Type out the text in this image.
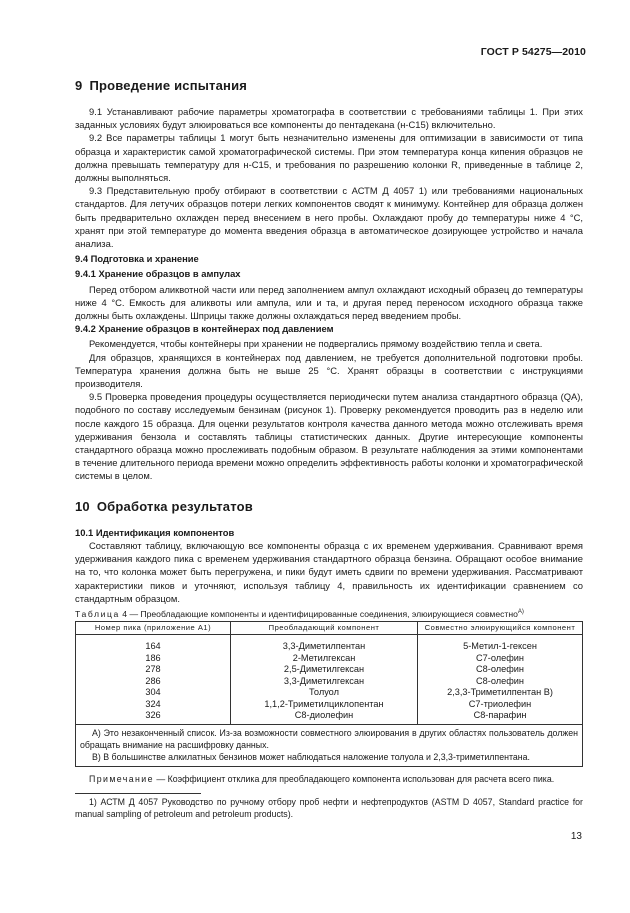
ГОСТ Р 54275—2010
9 Проведение испытания

9.1 Устанавливают рабочие параметры хроматографа в соответствии с требованиями таблицы 1. При этих заданных условиях будут элюироваться все компоненты до пентадекана (н-С15) включительно.

9.2 Все параметры таблицы 1 могут быть незначительно изменены для оптимизации в зависимости от типа образца и характеристик самой хроматографической системы. При этом температура конца кипения образцов не должна превышать температуру для н-С15, и требования по разрешению колонки R, приведенные в таблице 2, должны выполняться.

9.3 Представительную пробу отбирают в соответствии с АСТМ Д 4057 1) или требованиями национальных стандартов. Для летучих образцов потери легких компонентов сводят к минимуму. Контейнер для образца должен быть предварительно охлажден перед внесением в него пробы. Охлаждают пробу до температуры ниже 4 °С, хранят при этой температуре до момента введения образца в автоматическое дозирующее устройство и начала анализа.

9.4 Подготовка и хранение

9.4.1 Хранение образцов в ампулах

Перед отбором аликвотной части или перед заполнением ампул охлаждают исходный образец до температуры ниже 4 °С. Емкость для аликвоты или ампула, или и та, и другая перед переносом исходного образца также должны быть охлаждены. Шприцы также должны охлаждаться перед введением пробы.

9.4.2 Хранение образцов в контейнерах под давлением

Рекомендуется, чтобы контейнеры при хранении не подвергались прямому воздействию тепла и света.

Для образцов, хранящихся в контейнерах под давлением, не требуется дополнительной подготовки пробы. Температура хранения должна быть не выше 25 °С. Хранят образцы в соответствии с инструкциями производителя.

9.5 Проверка проведения процедуры осуществляется периодически путем анализа стандартного образца (QA), подобного по составу исследуемым бензинам (рисунок 1). Проверку рекомендуется проводить раз в неделю или после каждого 15 образца. Для оценки результатов контроля качества данного метода можно отслеживать время удерживания бензола и составлять таблицы статистических данных. Другие интересующие компоненты стандартного образца можно прослеживать подобным образом. В результате наблюдения за этими компонентами в течение длительного периода времени можно определить эффективность работы колонки и хроматографической системы в целом.

10 Обработка результатов

10.1 Идентификация компонентов

Составляют таблицу, включающую все компоненты образца с их временем удерживания. Сравнивают время удерживания каждого пика с временем удерживания стандартного образца бензина. Обращают особое внимание на то, что колонка может быть перегружена, и пики будут иметь сдвиги по времени удерживания. Рассматривают характеристики пиков и уточняют, используя таблицу 4, правильность их идентификации сравнением со стандартным образцом.

Таблица 4 — Преобладающие компоненты и идентифицированные соединения, элюирующиеся совместно$^{А)}$
Номер пика (приложение А1)	Преобладающий компонент	Совместно элюирующийся компонент

164	3,3-Диметилпентан	5-Метил-1-гексен
186	2-Метилгексан	C7-олефин
278	2,5-Диметилгексан	C8-олефин
286	3,3-Диметилгексан	C8-олефин
304	Толуол	2,3,3-Триметилпентан В)
324	1,1,2-Триметилциклопентан	C7-триолефин
326	C8-диолефин	C8-парафин

А) Это незаконченный список. Из-за возможности совместного элюирования в других областях пользователь должен обращать внимание на расшифровку данных.

В) В большинстве алкилатных бензинов может наблюдаться наложение толуола и 2,3,3-триметилпентана.

Примечание — Коэффициент отклика для преобладающего компонента использован для расчета всего пика.

1) АСТМ Д 4057 Руководство по ручному отбору проб нефти и нефтепродуктов (ASTM D 4057, Standard practice for manual sampling of petroleum and petroleum products).

13
